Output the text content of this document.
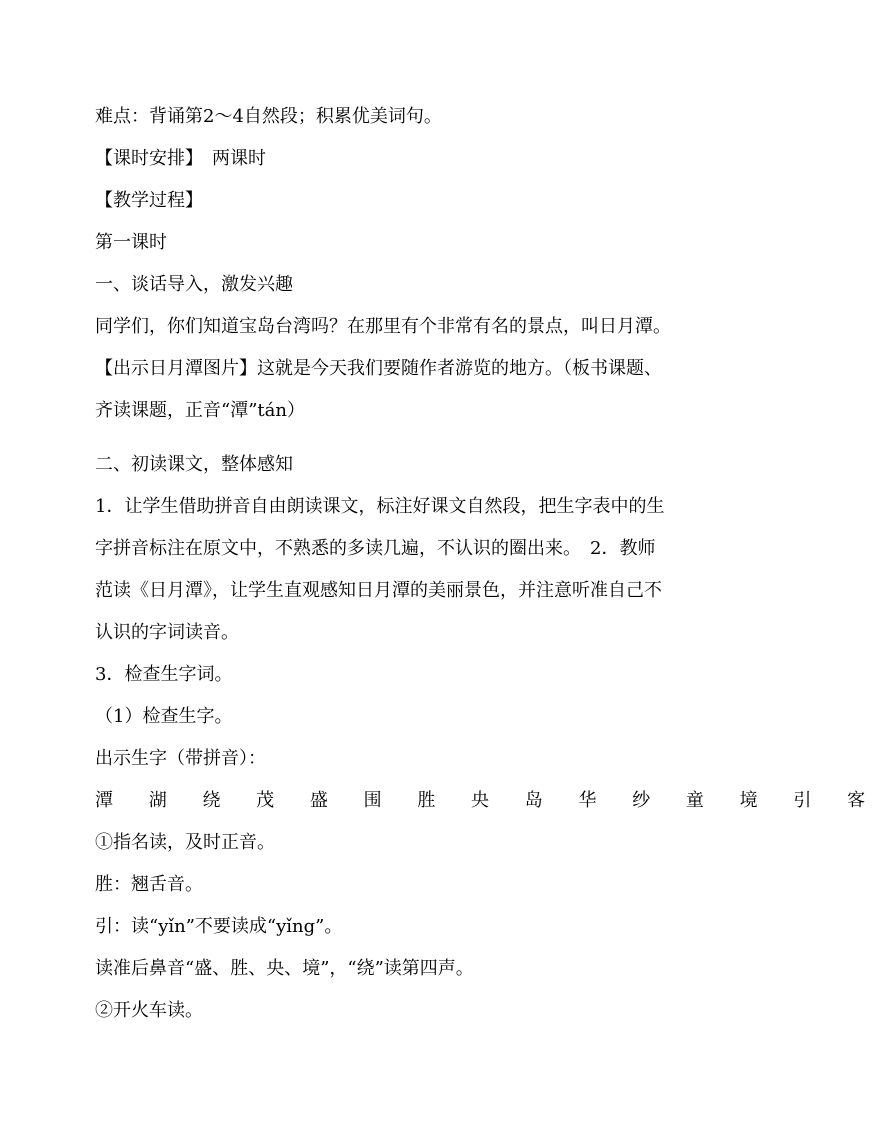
难点：背诵第2～4自然段；积累优美词句。
【课时安排】　两课时
【教学过程】
第一课时
一、谈话导入，激发兴趣
同学们，你们知道宝岛台湾吗？在那里有个非常有名的景点，叫日月潭。
【出示日月潭图片】这就是今天我们要随作者游览的地方。（板书课题、
齐读课题，正音“潭”tán）
二、初读课文，整体感知
1．让学生借助拼音自由朗读课文，标注好课文自然段，把生字表中的生
字拼音标注在原文中，不熟悉的多读几遍，不认识的圈出来。　2．教师
范读《日月潭》，让学生直观感知日月潭的美丽景色，并注意听准自己不
认识的字词读音。
3．检查生字词。
（1）检查生字。
出示生字（带拼音）：
潭 湖 绕 茂 盛 围 胜 央 岛 华 纱 童 境 引 客
①指名读，及时正音。
胜：翘舌音。
引：读“yǐn”不要读成“yǐng”。
读准后鼻音“盛、胜、央、境”，“绕”读第四声。
②开火车读。
